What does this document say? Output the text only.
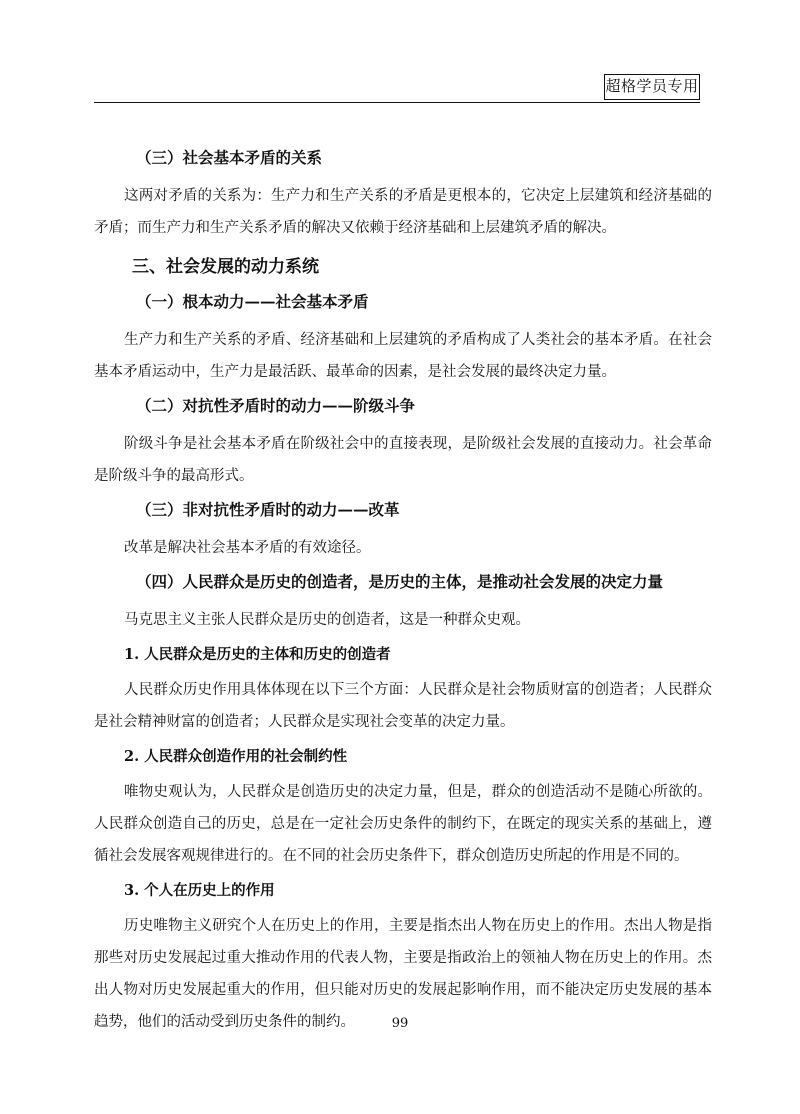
超格学员专用
（三）社会基本矛盾的关系

这两对矛盾的关系为：生产力和生产关系的矛盾是更根本的，它决定上层建筑和经济基础的矛盾；而生产力和生产关系矛盾的解决又依赖于经济基础和上层建筑矛盾的解决。

三、社会发展的动力系统
（一）根本动力——社会基本矛盾

生产力和生产关系的矛盾、经济基础和上层建筑的矛盾构成了人类社会的基本矛盾。在社会基本矛盾运动中，生产力是最活跃、最革命的因素，是社会发展的最终决定力量。

（二）对抗性矛盾时的动力——阶级斗争

阶级斗争是社会基本矛盾在阶级社会中的直接表现，是阶级社会发展的直接动力。社会革命是阶级斗争的最高形式。

（三）非对抗性矛盾时的动力——改革

改革是解决社会基本矛盾的有效途径。

（四）人民群众是历史的创造者，是历史的主体，是推动社会发展的决定力量

马克思主义主张人民群众是历史的创造者，这是一种群众史观。

1. 人民群众是历史的主体和历史的创造者

人民群众历史作用具体体现在以下三个方面：人民群众是社会物质财富的创造者；人民群众是社会精神财富的创造者；人民群众是实现社会变革的决定力量。

2. 人民群众创造作用的社会制约性

唯物史观认为，人民群众是创造历史的决定力量，但是，群众的创造活动不是随心所欲的。人民群众创造自己的历史，总是在一定社会历史条件的制约下，在既定的现实关系的基础上，遵循社会发展客观规律进行的。在不同的社会历史条件下，群众创造历史所起的作用是不同的。

3. 个人在历史上的作用

历史唯物主义研究个人在历史上的作用，主要是指杰出人物在历史上的作用。杰出人物是指那些对历史发展起过重大推动作用的代表人物，主要是指政治上的领袖人物在历史上的作用。杰出人物对历史发展起重大的作用，但只能对历史的发展起影响作用，而不能决定历史发展的基本趋势，他们的活动受到历史条件的制约。	99
